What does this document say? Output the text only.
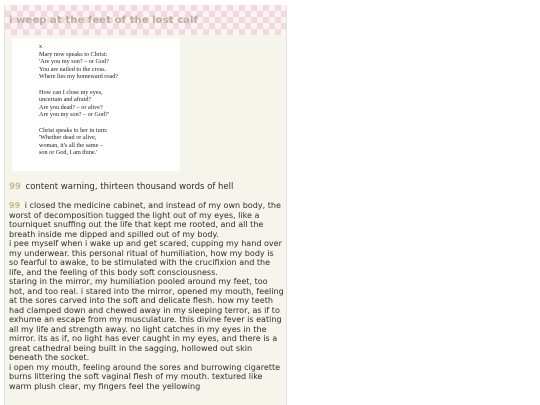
i weep at the feet of the lost calf
x
Mary now speaks to Christ:
'Are you my son? – or God?
You are nailed to the cross.
Where lies my homeward road?

How can I close my eyes,
uncertain and afraid?
Are you dead? – or alive?
Are you my son? – or God?'

Christ speaks to her in turn:
'Whether dead or alive,
woman, it's all the same –
son or God, I am thine.'
99 content warning, thirteen thousand words of hell

99 i closed the medicine cabinet, and instead of my own body, the worst of decomposition tugged the light out of my eyes, like a tourniquet snuffing out the life that kept me rooted, and all the breath inside me dipped and spilled out of my body.

i pee myself when i wake up and get scared, cupping my hand over my underwear. this personal ritual of humiliation, how my body is so fearful to awake, to be stimulated with the crucifixion and the life, and the feeling of this body soft consciousness.

staring in the mirror, my humiliation pooled around my feet, too hot, and too real. i stared into the mirror, opened my mouth, feeling at the sores carved into the soft and delicate flesh. how my teeth had clamped down and chewed away in my sleeping terror, as if to exhume an escape from my musculature. this divine fever is eating all my life and strength away. no light catches in my eyes in the mirror. its as if, no light has ever caught in my eyes, and there is a great cathedral being built in the sagging, hollowed out skin beneath the socket.

i open my mouth, feeling around the sores and burrowing cigarette burns littering the soft vaginal flesh of my mouth. textured like warm plush clear, my fingers feel the yellowing
